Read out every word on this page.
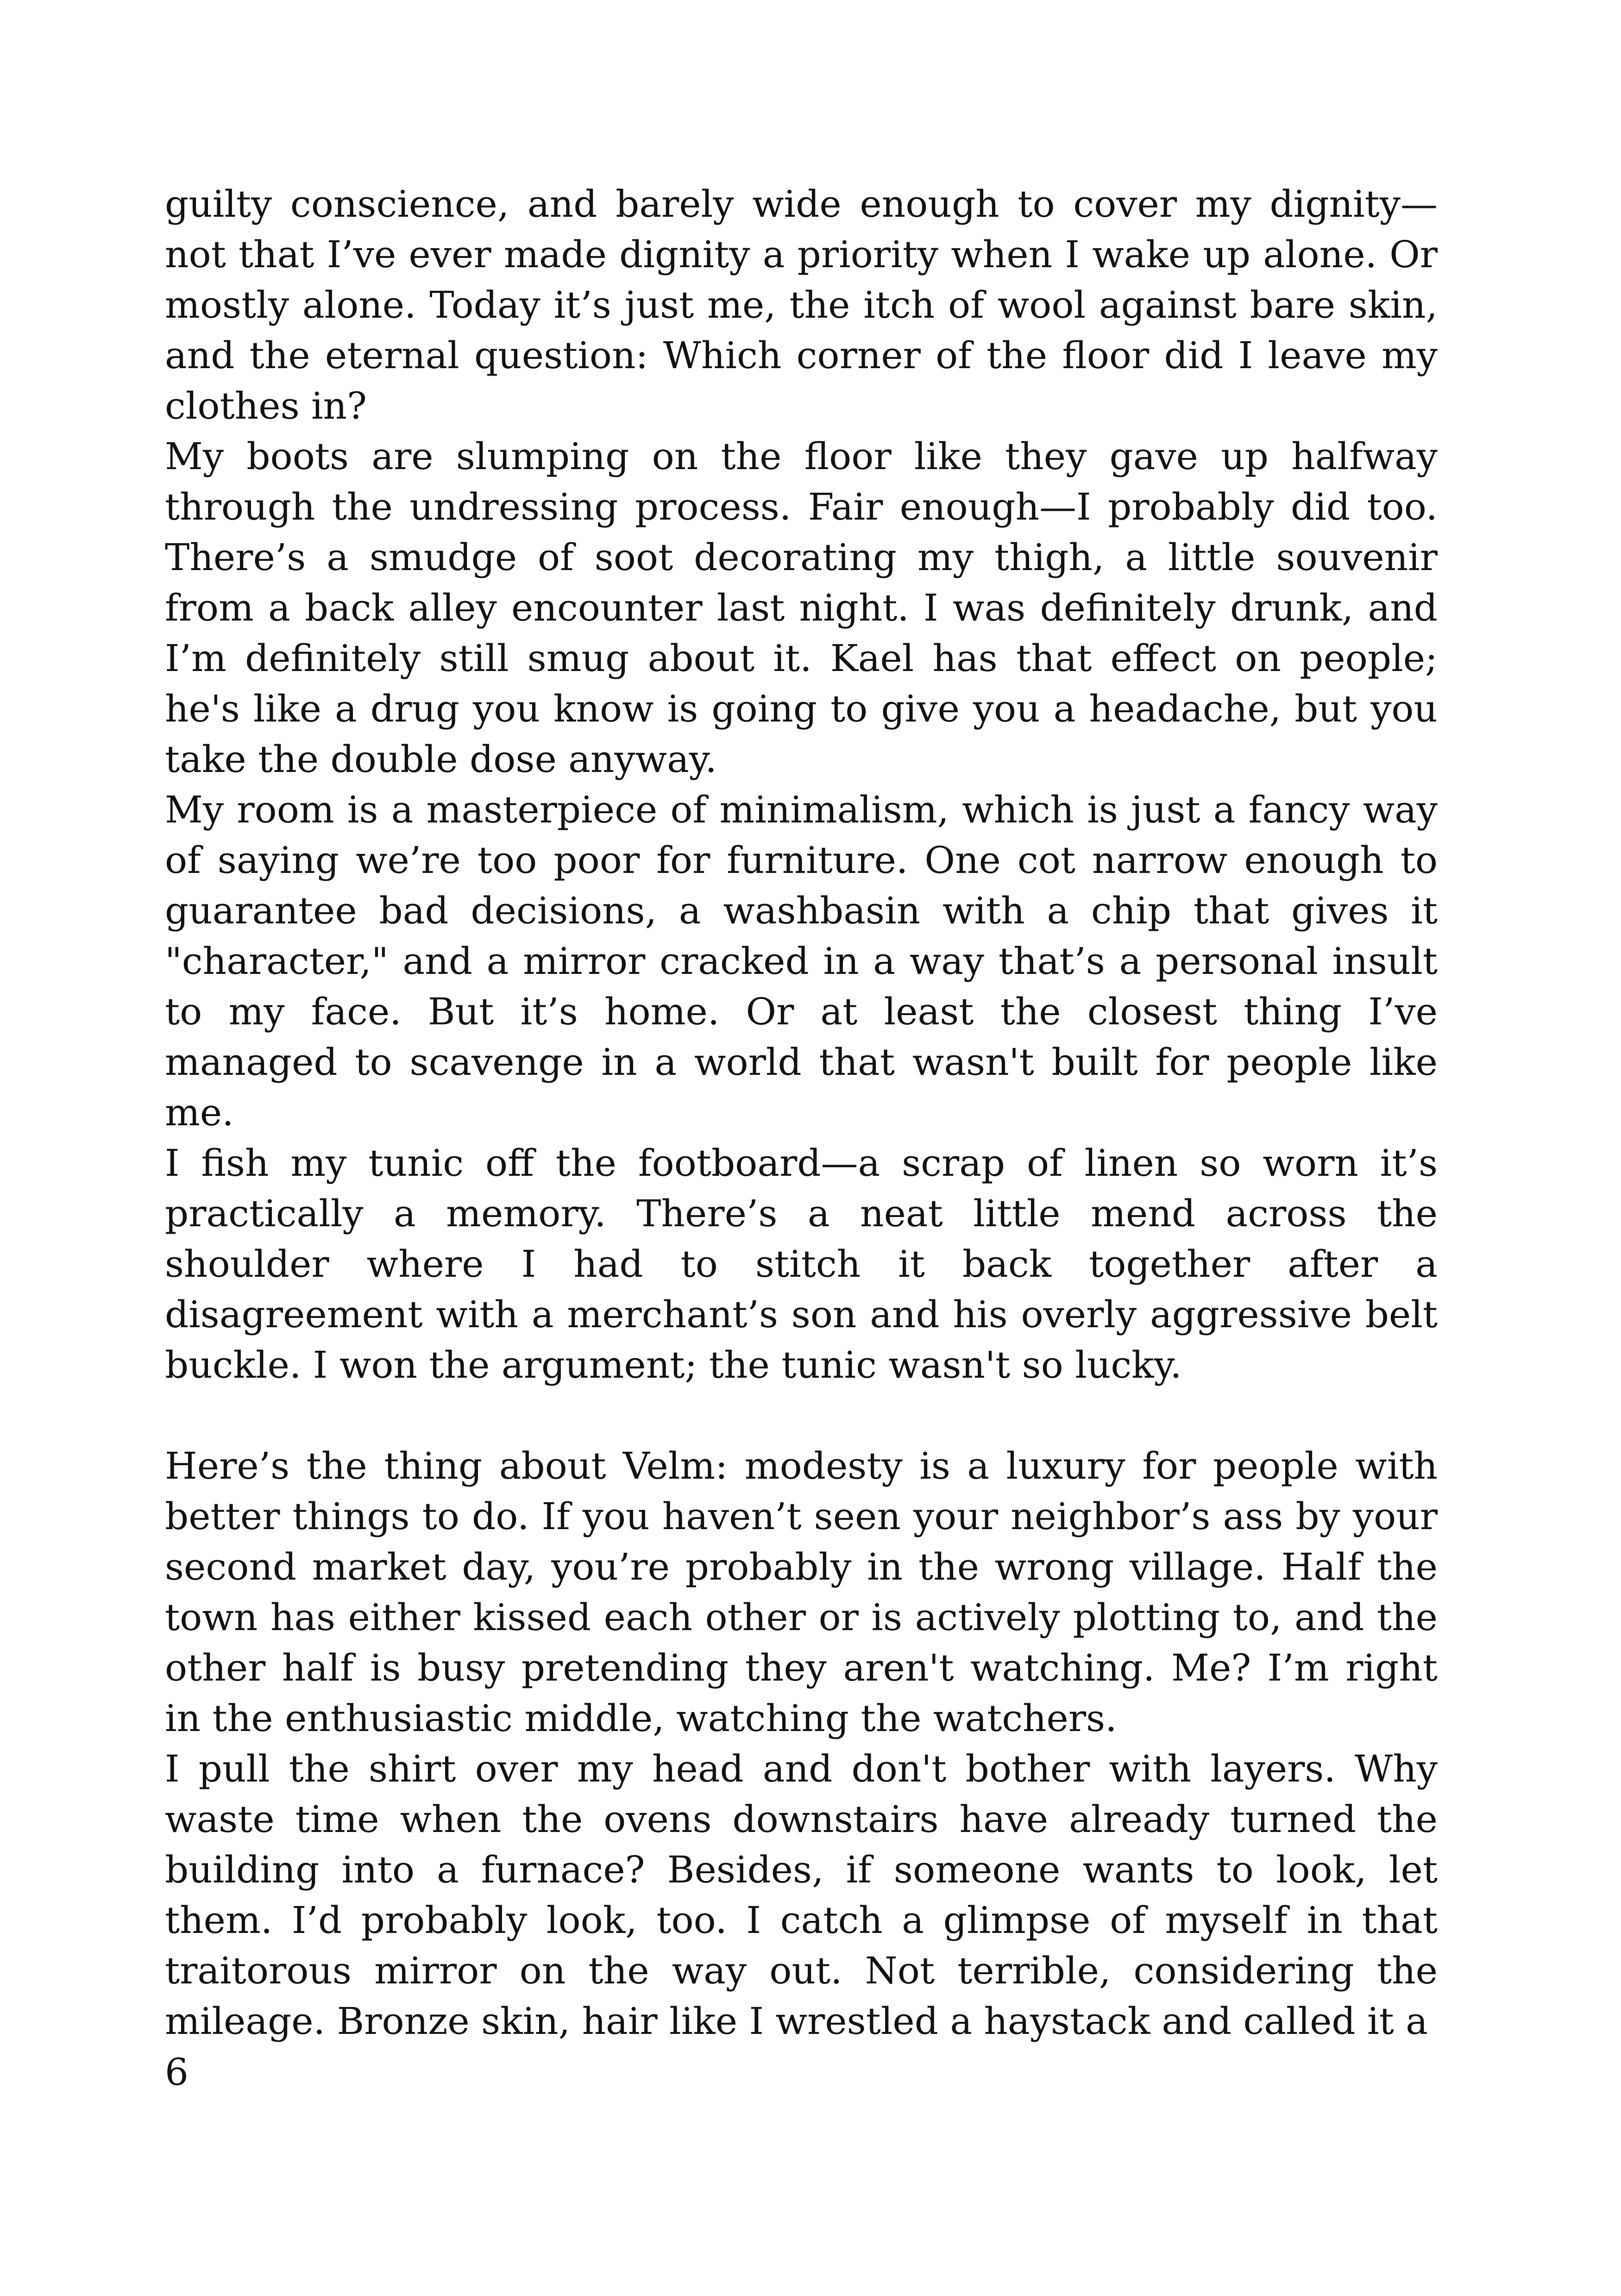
guilty conscience, and barely wide enough to cover my dignity—not that I’ve ever made dignity a priority when I wake up alone. Or mostly alone. Today it’s just me, the itch of wool against bare skin, and the eternal question: Which corner of the floor did I leave my clothes in?

My boots are slumping on the floor like they gave up halfway through the undressing process. Fair enough—I probably did too. There’s a smudge of soot decorating my thigh, a little souvenir from a back alley encounter last night. I was definitely drunk, and I’m definitely still smug about it. Kael has that effect on people; he's like a drug you know is going to give you a headache, but you take the double dose anyway.

My room is a masterpiece of minimalism, which is just a fancy way of saying we’re too poor for furniture. One cot narrow enough to guarantee bad decisions, a washbasin with a chip that gives it "character," and a mirror cracked in a way that’s a personal insult to my face. But it’s home. Or at least the closest thing I’ve managed to scavenge in a world that wasn't built for people like me.

I fish my tunic off the footboard—a scrap of linen so worn it’s practically a memory. There’s a neat little mend across the shoulder where I had to stitch it back together after a disagreement with a merchant’s son and his overly aggressive belt buckle. I won the argument; the tunic wasn't so lucky.

Here’s the thing about Velm: modesty is a luxury for people with better things to do. If you haven’t seen your neighbor’s ass by your second market day, you’re probably in the wrong village. Half the town has either kissed each other or is actively plotting to, and the other half is busy pretending they aren't watching. Me? I’m right in the enthusiastic middle, watching the watchers.

I pull the shirt over my head and don't bother with layers. Why waste time when the ovens downstairs have already turned the building into a furnace? Besides, if someone wants to look, let them. I’d probably look, too. I catch a glimpse of myself in that traitorous mirror on the way out. Not terrible, considering the mileage. Bronze skin, hair like I wrestled a haystack and called it a

6
